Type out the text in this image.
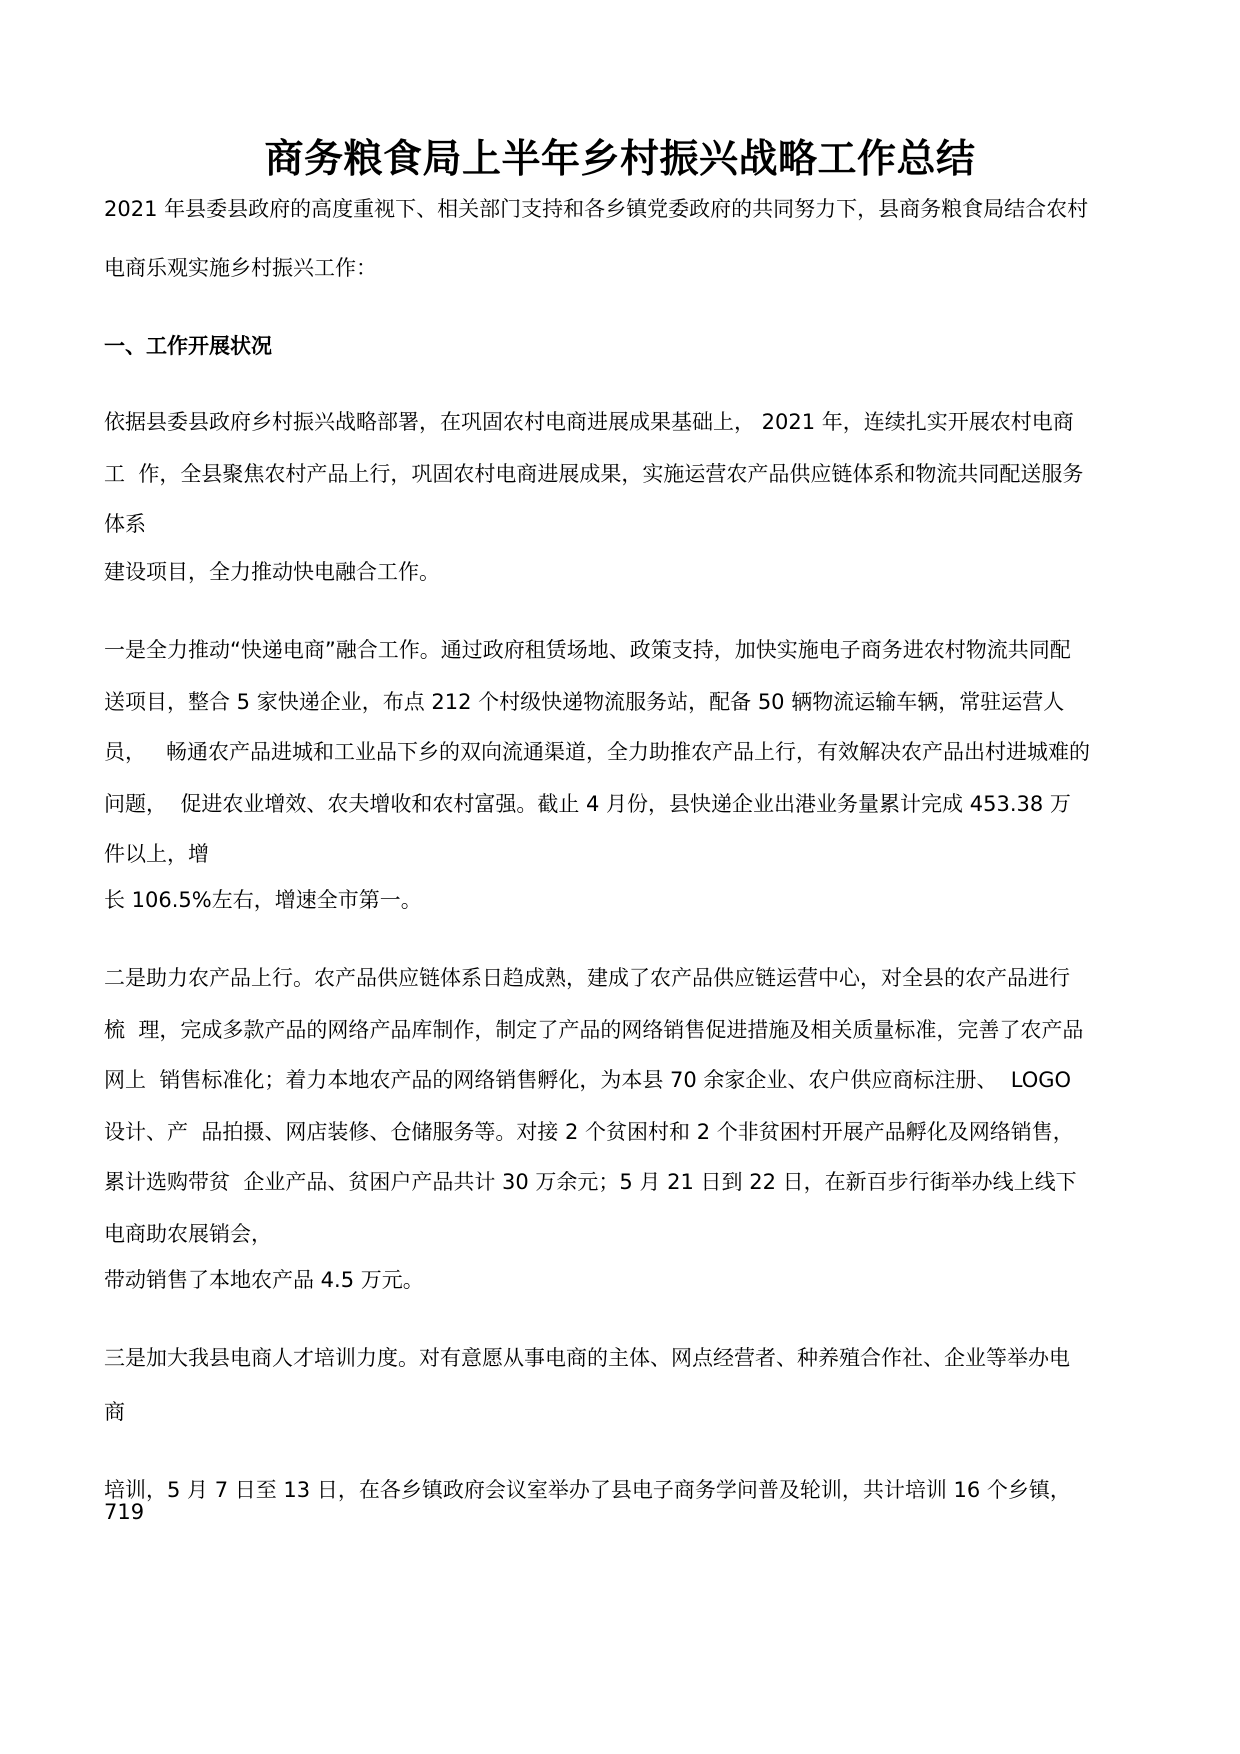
商务粮食局上半年乡村振兴战略工作总结

2021 年县委县政府的高度重视下、相关部门支持和各乡镇党委政府的共同努力下，县商务粮食局结合农村

电商乐观实施乡村振兴工作：

一、工作开展状况

依据县委县政府乡村振兴战略部署，在巩固农村电商进展成果基础上， 2021 年，连续扎实开展农村电商

工  作，全县聚焦农村产品上行，巩固农村电商进展成果，实施运营农产品供应链体系和物流共同配送服务

体系

建设项目，全力推动快电融合工作。

一是全力推动“快递电商”融合工作。通过政府租赁场地、政策支持，加快实施电子商务进农村物流共同配

送项目，整合 5 家快递企业，布点 212 个村级快递物流服务站，配备 50 辆物流运输车辆，常驻运营人

员，   畅通农产品进城和工业品下乡的双向流通渠道，全力助推农产品上行，有效解决农产品出村进城难的

问题，  促进农业增效、农夫增收和农村富强。截止 4 月份，县快递企业出港业务量累计完成 453.38 万

件以上，增

长 106.5%左右，增速全市第一。

二是助力农产品上行。农产品供应链体系日趋成熟，建成了农产品供应链运营中心，对全县的农产品进行

梳  理，完成多款产品的网络产品库制作，制定了产品的网络销售促进措施及相关质量标准，完善了农产品

网上  销售标准化；着力本地农产品的网络销售孵化，为本县 70 余家企业、农户供应商标注册、  LOGO

设计、产  品拍摄、网店装修、仓储服务等。对接 2 个贫困村和 2 个非贫困村开展产品孵化及网络销售，

累计选购带贫  企业产品、贫困户产品共计 30 万余元；5 月 21 日到 22 日，在新百步行街举办线上线下

电商助农展销会，

带动销售了本地农产品 4.5 万元。

三是加大我县电商人才培训力度。对有意愿从事电商的主体、网点经营者、种养殖合作社、企业等举办电

商

培训，5 月 7 日至 13 日，在各乡镇政府会议室举办了县电子商务学问普及轮训，共计培训 16 个乡镇，

719
